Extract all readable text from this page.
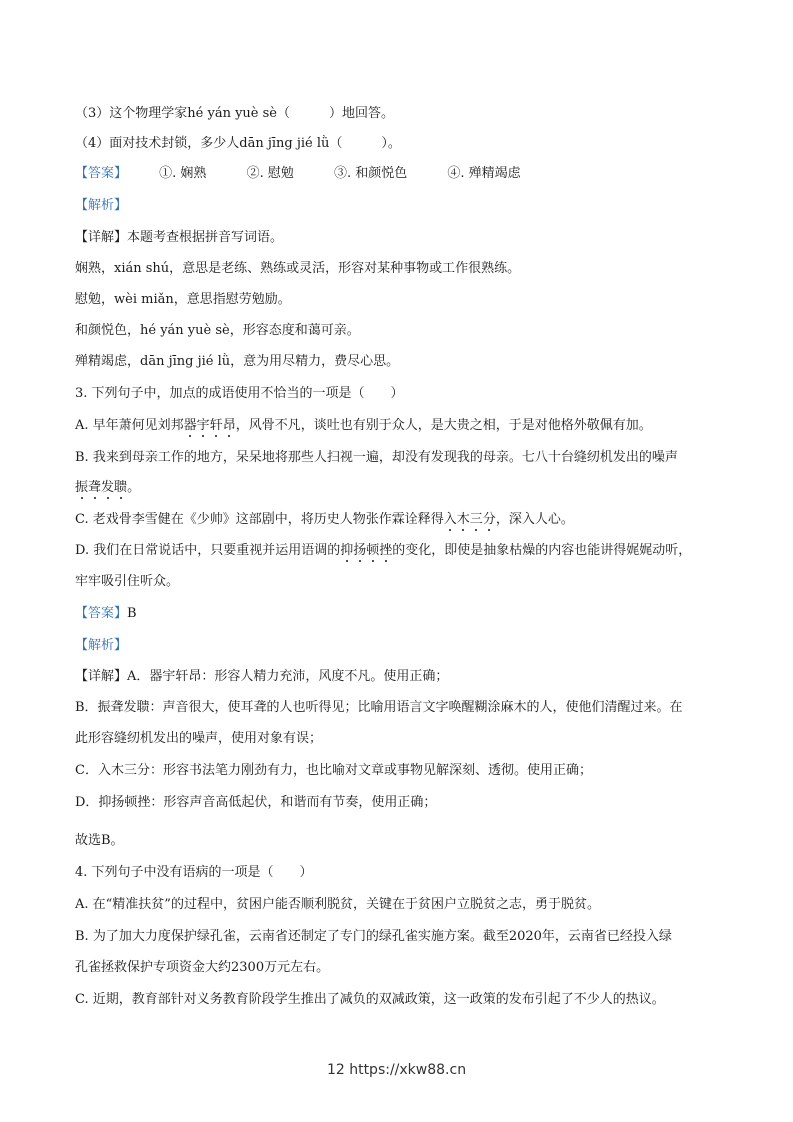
（3）这个物理学家hé yán yuè sè（　　　）地回答。
（4）面对技术封锁，多少人dān jīng jié lǜ（　　　）。
【答案】 ①. 娴熟	②. 慰勉	③. 和颜悦色	④. 殚精竭虑
【解析】
【详解】本题考查根据拼音写词语。
娴熟，xián shú，意思是老练、熟练或灵活，形容对某种事物或工作很熟练。
慰勉，wèi miǎn，意思指慰劳勉励。
和颜悦色，hé yán yuè sè，形容态度和蔼可亲。
殚精竭虑，dān jīng jié lǜ，意为用尽精力，费尽心思。
3. 下列句子中，加点的成语使用不恰当的一项是（　　）
A. 早年萧何见刘邦器宇轩昂，风骨不凡，谈吐也有别于众人，是大贵之相，于是对他格外敬佩有加。
B. 我来到母亲工作的地方，呆呆地将那些人扫视一遍，却没有发现我的母亲。七八十台缝纫机发出的噪声
振聋发聩。
C. 老戏骨李雪健在《少帅》这部剧中，将历史人物张作霖诠释得入木三分，深入人心。
D. 我们在日常说话中，只要重视并运用语调的抑扬顿挫的变化，即使是抽象枯燥的内容也能讲得娓娓动听，
牢牢吸引住听众。
【答案】B
【解析】
【详解】A．器宇轩昂：形容人精力充沛，风度不凡。使用正确；
B．振聋发聩：声音很大，使耳聋的人也听得见；比喻用语言文字唤醒糊涂麻木的人，使他们清醒过来。在
此形容缝纫机发出的噪声，使用对象有误；
C．入木三分：形容书法笔力刚劲有力，也比喻对文章或事物见解深刻、透彻。使用正确；
D．抑扬顿挫：形容声音高低起伏，和谐而有节奏，使用正确；
故选B。
4. 下列句子中没有语病的一项是（　　）
A. 在“精准扶贫”的过程中，贫困户能否顺利脱贫，关键在于贫困户立脱贫之志，勇于脱贫。
B. 为了加大力度保护绿孔雀，云南省还制定了专门的绿孔雀实施方案。截至2020年，云南省已经投入绿
孔雀拯救保护专项资金大约2300万元左右。
C. 近期，教育部针对义务教育阶段学生推出了减负的双减政策，这一政策的发布引起了不少人的热议。
12 https://xkw88.cn
